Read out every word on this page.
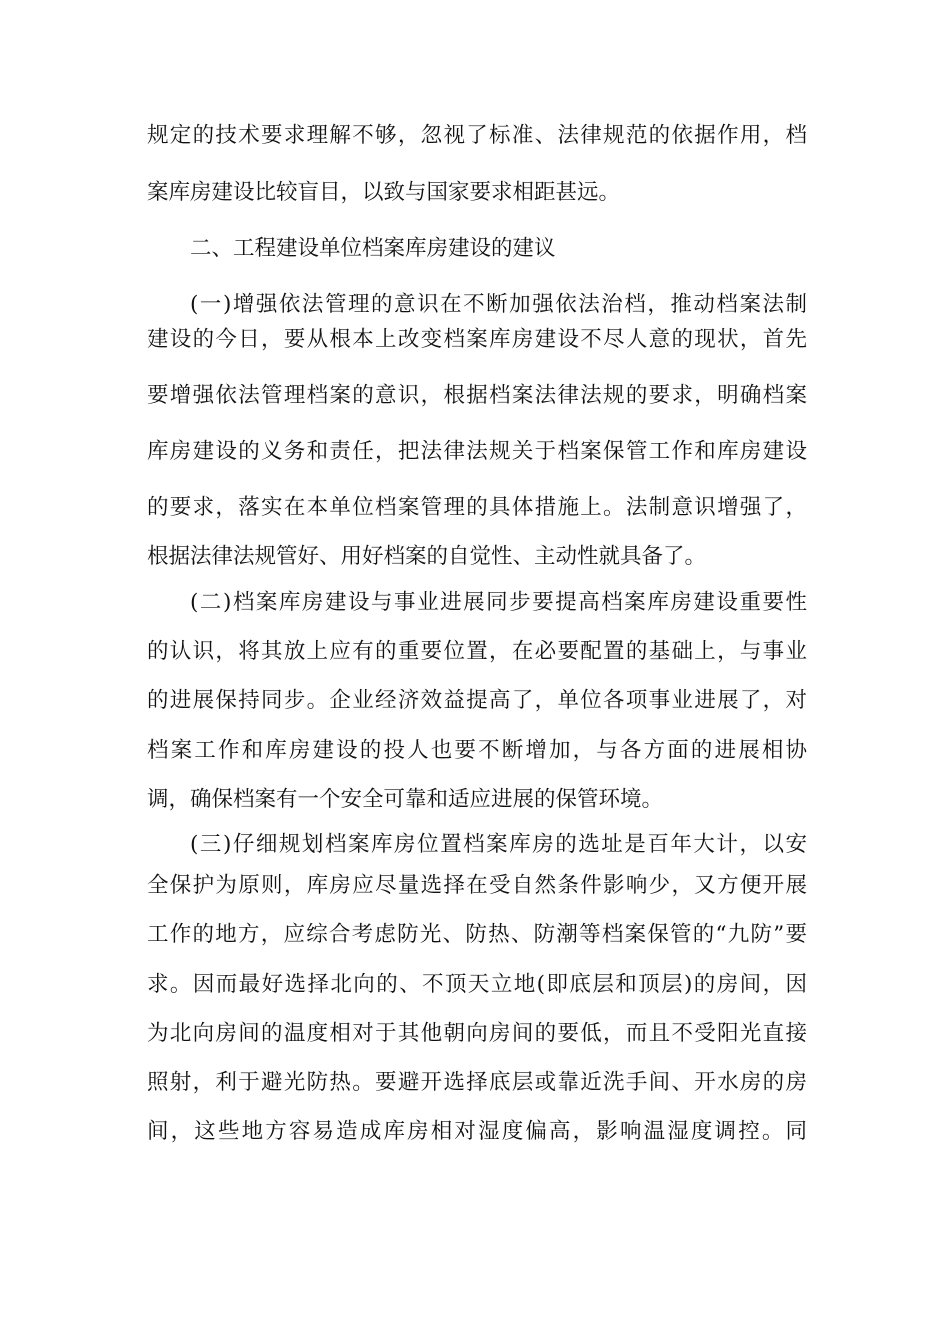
规定的技术要求理解不够，忽视了标准、法律规范的依据作用，档
案库房建设比较盲目，以致与国家要求相距甚远。
二、工程建设单位档案库房建设的建议
(一)增强依法管理的意识在不断加强依法治档，推动档案法制
建设的今日，要从根本上改变档案库房建设不尽人意的现状，首先
要增强依法管理档案的意识，根据档案法律法规的要求，明确档案
库房建设的义务和责任，把法律法规关于档案保管工作和库房建设
的要求，落实在本单位档案管理的具体措施上。法制意识增强了，
根据法律法规管好、用好档案的自觉性、主动性就具备了。
(二)档案库房建设与事业进展同步要提高档案库房建设重要性
的认识，将其放上应有的重要位置，在必要配置的基础上，与事业
的进展保持同步。企业经济效益提高了，单位各项事业进展了，对
档案工作和库房建设的投人也要不断增加，与各方面的进展相协
调，确保档案有一个安全可靠和适应进展的保管环境。
(三)仔细规划档案库房位置档案库房的选址是百年大计，以安
全保护为原则，库房应尽量选择在受自然条件影响少，又方便开展
工作的地方，应综合考虑防光、防热、防潮等档案保管的“九防”要
求。因而最好选择北向的、不顶天立地(即底层和顶层)的房间，因
为北向房间的温度相对于其他朝向房间的要低，而且不受阳光直接
照射，利于避光防热。要避开选择底层或靠近洗手间、开水房的房
间，这些地方容易造成库房相对湿度偏高，影响温湿度调控。同
